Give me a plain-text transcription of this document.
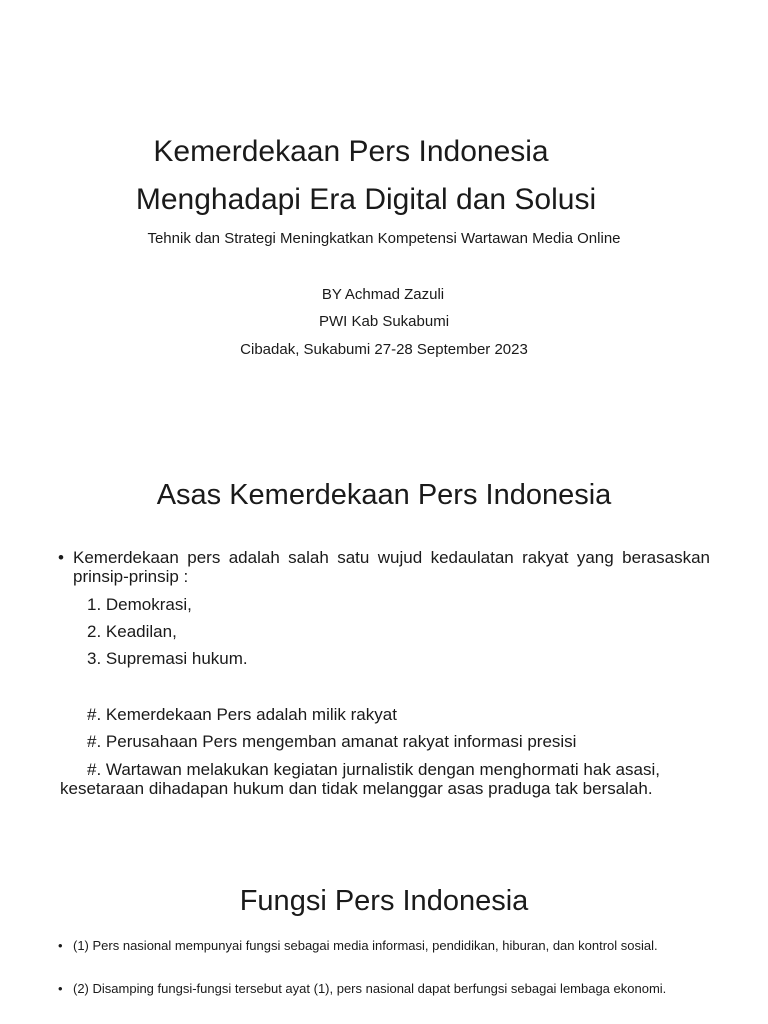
Kemerdekaan Pers Indonesia
Menghadapi Era Digital dan Solusi
Tehnik dan Strategi Meningkatkan Kompetensi Wartawan Media Online
BY Achmad Zazuli
PWI Kab Sukabumi
Cibadak, Sukabumi 27-28 September 2023
Asas Kemerdekaan Pers Indonesia
• Kemerdekaan pers adalah salah satu wujud kedaulatan rakyat yang berasaskan prinsip-prinsip :
1. Demokrasi,
2. Keadilan,
3. Supremasi hukum.
#. Kemerdekaan Pers adalah milik rakyat
#. Perusahaan Pers mengemban amanat rakyat informasi presisi
#. Wartawan melakukan kegiatan jurnalistik dengan menghormati hak asasi, kesetaraan dihadapan hukum dan tidak melanggar asas praduga tak bersalah.
Fungsi Pers Indonesia
• (1) Pers nasional mempunyai fungsi sebagai media informasi, pendidikan, hiburan, dan kontrol sosial.
• (2) Disamping fungsi-fungsi tersebut ayat (1), pers nasional dapat berfungsi sebagai lembaga ekonomi.
